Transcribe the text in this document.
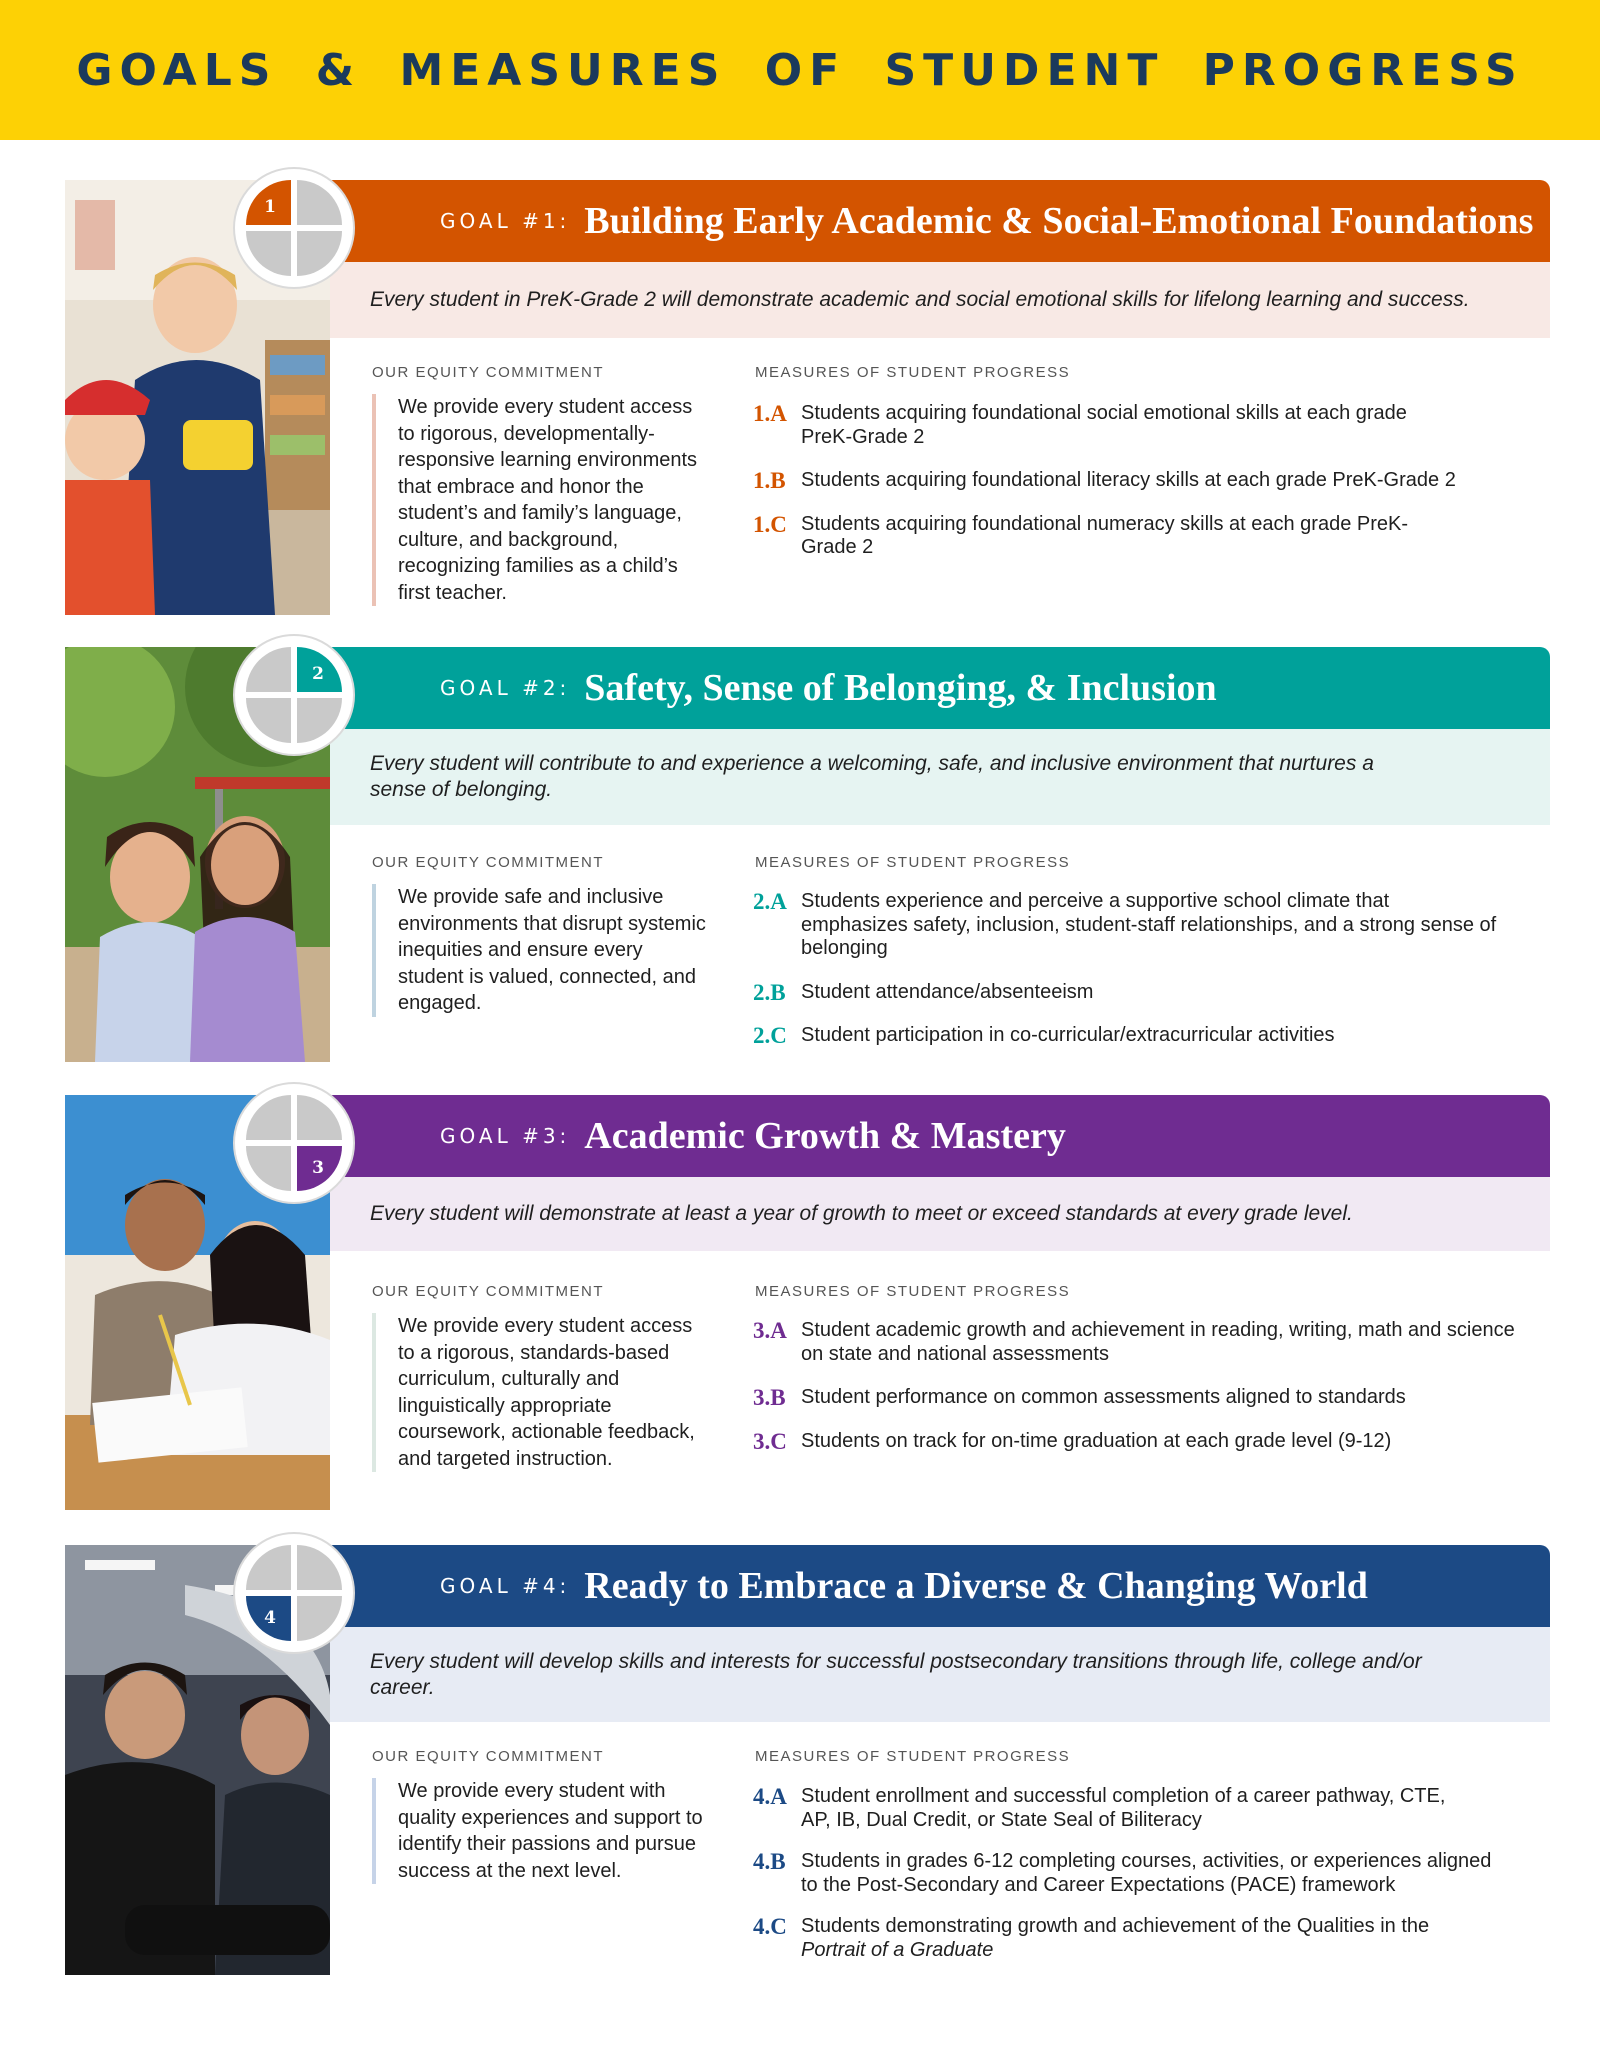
GOALS & MEASURES OF STUDENT PROGRESS
GOAL #1: Building Early Academic & Social-Emotional Foundations
1

Every student in PreK-Grade 2 will demonstrate academic and social emotional skills for lifelong learning and success.

OUR EQUITY COMMITMENT	MEASURES OF STUDENT PROGRESS
We provide every student access to rigorous, developmentally-responsive learning environments that embrace and honor the student’s and family’s language, culture, and background, recognizing families as a child’s first teacher.
1.A Students acquiring foundational social emotional skills at each grade PreK-Grade 2
1.B Students acquiring foundational literacy skills at each grade PreK-Grade 2
1.C Students acquiring foundational numeracy skills at each grade PreK-Grade 2
GOAL #2: Safety, Sense of Belonging, & Inclusion
2

Every student will contribute to and experience a welcoming, safe, and inclusive environment that nurtures a sense of belonging.

OUR EQUITY COMMITMENT	MEASURES OF STUDENT PROGRESS
We provide safe and inclusive environments that disrupt systemic inequities and ensure every student is valued, connected, and engaged.
2.A Students experience and perceive a supportive school climate that emphasizes safety, inclusion, student-staff relationships, and a strong sense of belonging
2.B Student attendance/absenteeism
2.C Student participation in co-curricular/extracurricular activities
GOAL #3: Academic Growth & Mastery
3

Every student will demonstrate at least a year of growth to meet or exceed standards at every grade level.

OUR EQUITY COMMITMENT	MEASURES OF STUDENT PROGRESS
We provide every student access to a rigorous, standards-based curriculum, culturally and linguistically appropriate coursework, actionable feedback, and targeted instruction.
3.A Student academic growth and achievement in reading, writing, math and science on state and national assessments
3.B Student performance on common assessments aligned to standards
3.C Students on track for on-time graduation at each grade level (9-12)
GOAL #4: Ready to Embrace a Diverse & Changing World
4

Every student will develop skills and interests for successful postsecondary transitions through life, college and/or career.

OUR EQUITY COMMITMENT	MEASURES OF STUDENT PROGRESS
We provide every student with quality experiences and support to identify their passions and pursue success at the next level.
4.A Student enrollment and successful completion of a career pathway, CTE, AP, IB, Dual Credit, or State Seal of Biliteracy
4.B Students in grades 6-12 completing courses, activities, or experiences aligned to the Post-Secondary and Career Expectations (PACE) framework
4.C Students demonstrating growth and achievement of the Qualities in the Portrait of a Graduate
